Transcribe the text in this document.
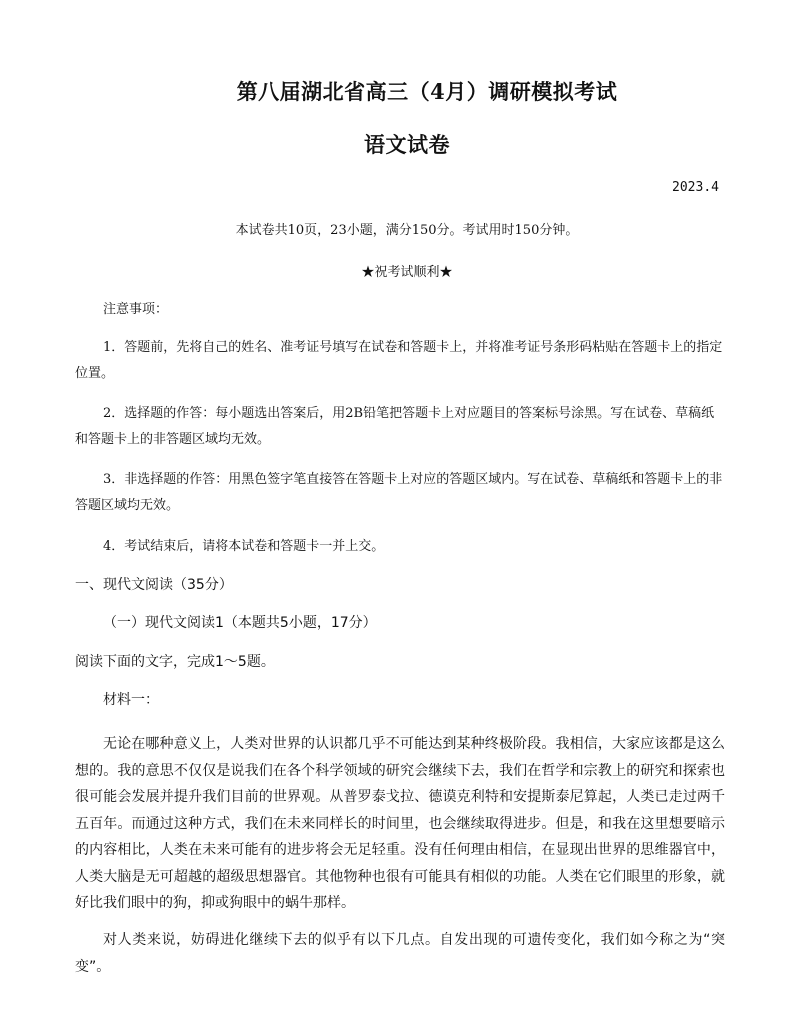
第八届湖北省高三（4月）调研模拟考试
语文试卷
2023.4
本试卷共10页，23小题，满分150分。考试用时150分钟。
★祝考试顺利★
注意事项：
1．答题前，先将自己的姓名、准考证号填写在试卷和答题卡上，并将准考证号条形码粘贴在答题卡上的指定位置。
2．选择题的作答：每小题选出答案后，用2B铅笔把答题卡上对应题目的答案标号涂黑。写在试卷、草稿纸和答题卡上的非答题区域均无效。
3．非选择题的作答：用黑色签字笔直接答在答题卡上对应的答题区域内。写在试卷、草稿纸和答题卡上的非答题区域均无效。
4．考试结束后，请将本试卷和答题卡一并上交。
一、现代文阅读（35分）
（一）现代文阅读1（本题共5小题，17分）
阅读下面的文字，完成1～5题。
材料一：
无论在哪种意义上，人类对世界的认识都几乎不可能达到某种终极阶段。我相信，大家应该都是这么想的。我的意思不仅仅是说我们在各个科学领域的研究会继续下去，我们在哲学和宗教上的研究和探索也很可能会发展并提升我们目前的世界观。从普罗泰戈拉、德谟克利特和安提斯泰尼算起，人类已走过两千五百年。而通过这种方式，我们在未来同样长的时间里，也会继续取得进步。但是，和我在这里想要暗示的内容相比，人类在未来可能有的进步将会无足轻重。没有任何理由相信，在显现出世界的思维器官中，人类大脑是无可超越的超级思想器官。其他物种也很有可能具有相似的功能。人类在它们眼里的形象，就好比我们眼中的狗，抑或狗眼中的蜗牛那样。
对人类来说，妨碍进化继续下去的似乎有以下几点。自发出现的可遗传变化，我们如今称之为“突变”。
